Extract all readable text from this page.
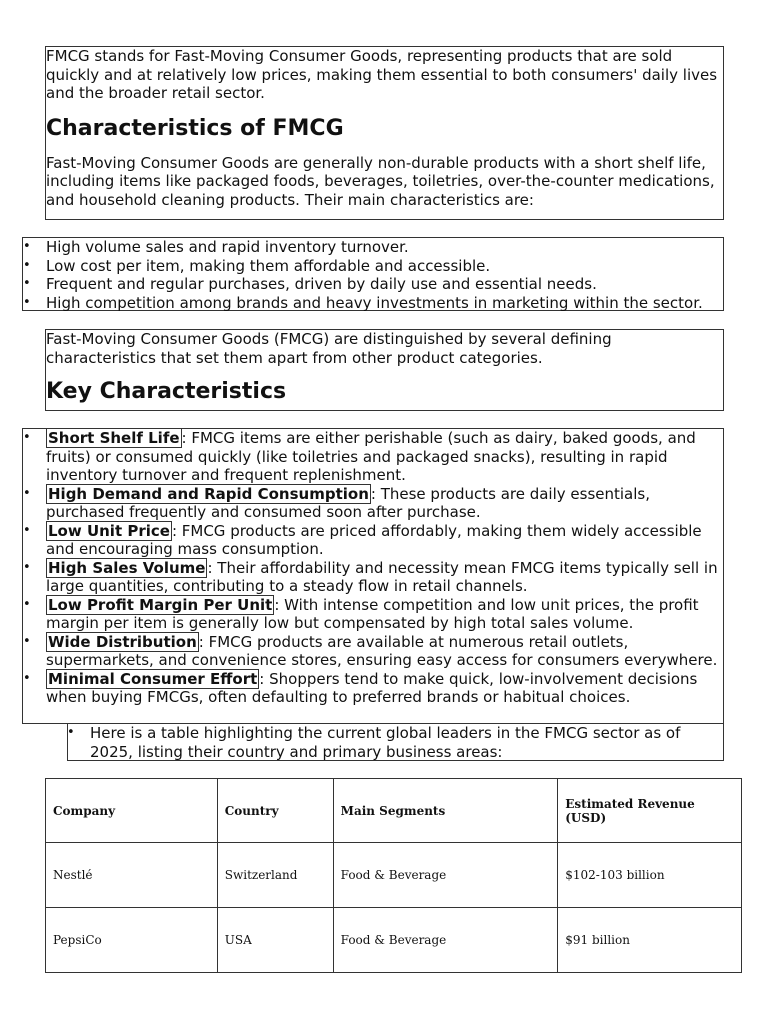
FMCG stands for Fast-Moving Consumer Goods, representing products that are sold quickly and at relatively low prices, making them essential to both consumers' daily lives and the broader retail sector.

Characteristics of FMCG

Fast-Moving Consumer Goods are generally non-durable products with a short shelf life, including items like packaged foods, beverages, toiletries, over-the-counter medications, and household cleaning products. Their main characteristics are:

• High volume sales and rapid inventory turnover.
• Low cost per item, making them affordable and accessible.
• Frequent and regular purchases, driven by daily use and essential needs.
• High competition among brands and heavy investments in marketing within the sector.

Fast-Moving Consumer Goods (FMCG) are distinguished by several defining characteristics that set them apart from other product categories.

Key Characteristics
• Short Shelf Life : FMCG items are either perishable (such as dairy, baked goods, and fruits) or consumed quickly (like toiletries and packaged snacks), resulting in rapid inventory turnover and frequent replenishment.
• High Demand and Rapid Consumption : These products are daily essentials, purchased frequently and consumed soon after purchase.
• Low Unit Price : FMCG products are priced affordably, making them widely accessible and encouraging mass consumption.
• High Sales Volume : Their affordability and necessity mean FMCG items typically sell in large quantities, contributing to a steady flow in retail channels.
• Low Profit Margin Per Unit : With intense competition and low unit prices, the profit margin per item is generally low but compensated by high total sales volume.
• Wide Distribution : FMCG products are available at numerous retail outlets, supermarkets, and convenience stores, ensuring easy access for consumers everywhere.
• Minimal Consumer Effort : Shoppers tend to make quick, low-involvement decisions when buying FMCGs, often defaulting to preferred brands or habitual choices.
• Here is a table highlighting the current global leaders in the FMCG sector as of 2025, listing their country and primary business areas:
Company	Country	Main Segments	Estimated Revenue (USD)
Nestlé	Switzerland	Food & Beverage	$102-103 billion
PepsiCo	USA	Food & Beverage	$91 billion
